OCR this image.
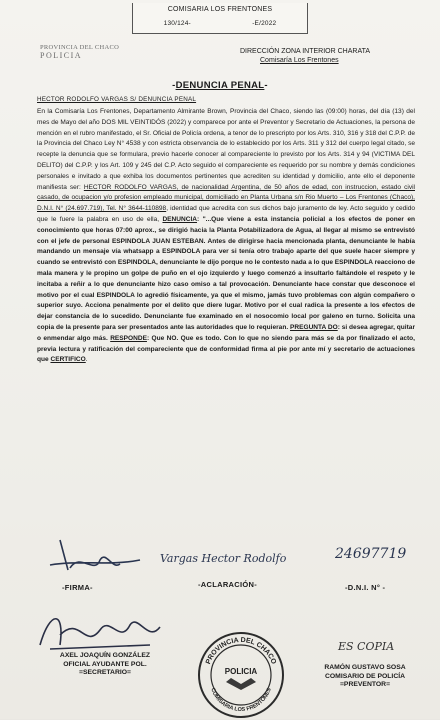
COMISARIA LOS FRENTONES
130/124-	-E/2022
PROVINCIA DEL CHACO
POLICIA	DIRECCIÓN ZONA INTERIOR CHARATA
Comisaría Los Frentones
-DENUNCIA PENAL-
HECTOR RODOLFO VARGAS S/ DENUNCIA PENAL

En la Comisaría Los Frentones, Departamento Almirante Brown, Provincia del Chaco, siendo las (09:00) horas, del día (13) del mes de Mayo del año DOS MIL VEINTIDÓS (2022) y comparece por ante el Preventor y Secretario de Actuaciones, la persona de mención en el rubro manifestado, el Sr. Oficial de Policía ordena, a tenor de lo prescripto por los Arts. 310, 316 y 318 del C.P.P. de la Provincia del Chaco Ley N° 4538 y con estricta observancia de lo establecido por los Arts. 311 y 312 del cuerpo legal citado, se recepte la denuncia que se formulara, previo hacerle conocer al compareciente lo previsto por los Arts. 314 y 94 (VICTIMA DEL DELITO) del C.P.P. y los Art. 109 y 245 del C.P. Acto seguido el compareciente es requerido por su nombre y demás condiciones personales e invitado a que exhiba los documentos pertinentes que acrediten su identidad y domicilio, ante ello el deponente manifiesta ser: HECTOR RODOLFO VARGAS, de nacionalidad Argentina, de 50 años de edad, con instruccion, estado civil casado, de ocupacion y/o profesion empleado municipal, domiciliado en Planta Urbana s/n Rio Muerto – Los Frentones (Chaco), D.N.I. N° (24.697.719), Tel. N° 3644-110898, identidad que acredita con sus dichos bajo juramento de ley. Acto seguido y cedido que le fuere la palabra en uso de ella, DENUNCIA: "...Que viene a esta instancia policial a los efectos de poner en conocimiento que horas 07:00 aprox., se dirigió hacia la Planta Potabilizadora de Agua, al llegar al mismo se entrevistó con el jefe de personal ESPINDOLA JUAN ESTEBAN. Antes de dirigirse hacia mencionada planta, denunciante le había mandando un mensaje vía whatsapp a ESPINDOLA para ver si tenía otro trabajo aparte del que suele hacer siempre y cuando se entrevistó con ESPINDOLA, denunciante le dijo porque no le contesto nada a lo que ESPINDOLA reacciono de mala manera y le propino un golpe de puño en el ojo izquierdo y luego comenzó a insultarlo faltándole el respeto y le incitaba a reñir a lo que denunciante hizo caso omiso a tal provocación. Denunciante hace constar que desconoce el motivo por el cual ESPINDOLA lo agredió físicamente, ya que el mismo, jamás tuvo problemas con algún compañero o superior suyo. Acciona penalmente por el delito que diere lugar. Motivo por el cual radica la presente a los efectos de dejar constancia de lo sucedido. Denunciante fue examinado en el nosocomio local por galeno en turno. Solicita una copia de la presente para ser presentados ante las autoridades que lo requieran. PREGUNTA DO: si desea agregar, quitar o enmendar algo más. RESPONDE: Que NO. Que es todo. Con lo que no siendo para más se da por finalizado el acto, previa lectura y ratificación del compareciente que de conformidad firma al pie por ante mí y secretario de actuaciones que CERTIFICO.

Vargas Hector Rodolfo	24697719
-FIRMA-	-ACLARACIÓN-	-D.N.I. N° -
AXEL JOAQUÍN GONZÁLEZ
OFICIAL AYUDANTE POL.
=SECRETARIO=
PROVINCIA DEL CHACO
POLICIA
COMISARIA LOS FRENTONES
ES COPIA
RAMÓN GUSTAVO SOSA
COMISARIO DE POLICÍA
=PREVENTOR=
